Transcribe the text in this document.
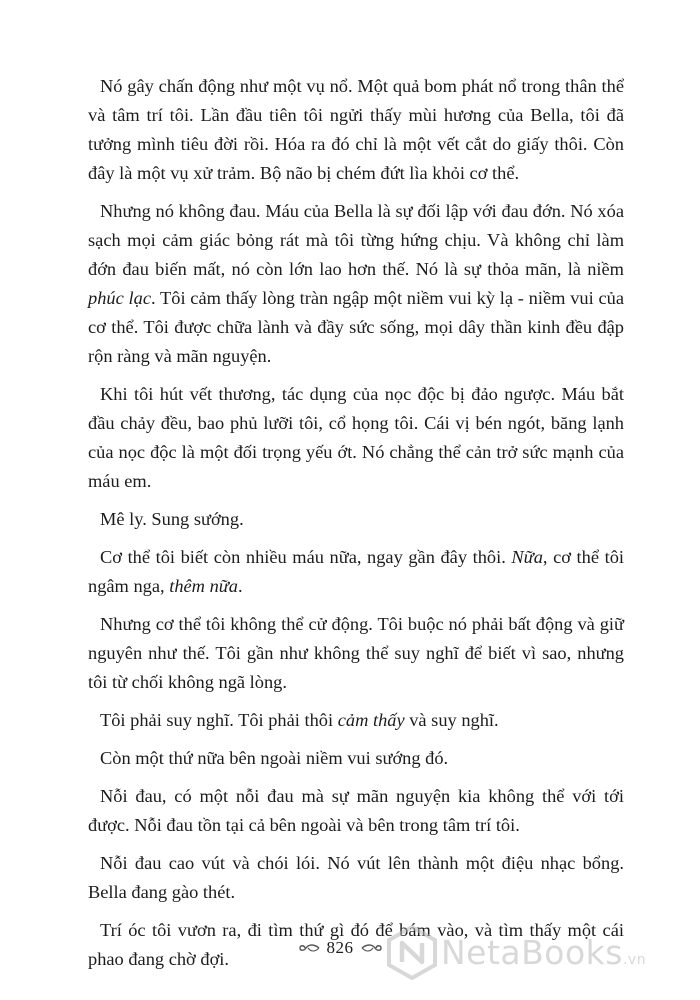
Nó gây chấn động như một vụ nổ. Một quả bom phát nổ trong thân thể và tâm trí tôi. Lần đầu tiên tôi ngửi thấy mùi hương của Bella, tôi đã tưởng mình tiêu đời rồi. Hóa ra đó chỉ là một vết cắt do giấy thôi. Còn đây là một vụ xử trảm. Bộ não bị chém đứt lìa khỏi cơ thể.

Nhưng nó không đau. Máu của Bella là sự đối lập với đau đớn. Nó xóa sạch mọi cảm giác bỏng rát mà tôi từng hứng chịu. Và không chỉ làm đớn đau biến mất, nó còn lớn lao hơn thế. Nó là sự thỏa mãn, là niềm phúc lạc. Tôi cảm thấy lòng tràn ngập một niềm vui kỳ lạ - niềm vui của cơ thể. Tôi được chữa lành và đầy sức sống, mọi dây thần kinh đều đập rộn ràng và mãn nguyện.

Khi tôi hút vết thương, tác dụng của nọc độc bị đảo ngược. Máu bắt đầu chảy đều, bao phủ lưỡi tôi, cổ họng tôi. Cái vị bén ngót, băng lạnh của nọc độc là một đối trọng yếu ớt. Nó chẳng thể cản trở sức mạnh của máu em.

Mê ly. Sung sướng.

Cơ thể tôi biết còn nhiều máu nữa, ngay gần đây thôi. Nữa, cơ thể tôi ngâm nga, thêm nữa.

Nhưng cơ thể tôi không thể cử động. Tôi buộc nó phải bất động và giữ nguyên như thế. Tôi gần như không thể suy nghĩ để biết vì sao, nhưng tôi từ chối không ngã lòng.

Tôi phải suy nghĩ. Tôi phải thôi cảm thấy và suy nghĩ.

Còn một thứ nữa bên ngoài niềm vui sướng đó.

Nỗi đau, có một nỗi đau mà sự mãn nguyện kia không thể với tới được. Nỗi đau tồn tại cả bên ngoài và bên trong tâm trí tôi.

Nỗi đau cao vút và chói lói. Nó vút lên thành một điệu nhạc bổng. Bella đang gào thét.

Trí óc tôi vươn ra, đi tìm thứ gì đó để bám vào, và tìm thấy một cái phao đang chờ đợi.

826	NetaBooks.vn
